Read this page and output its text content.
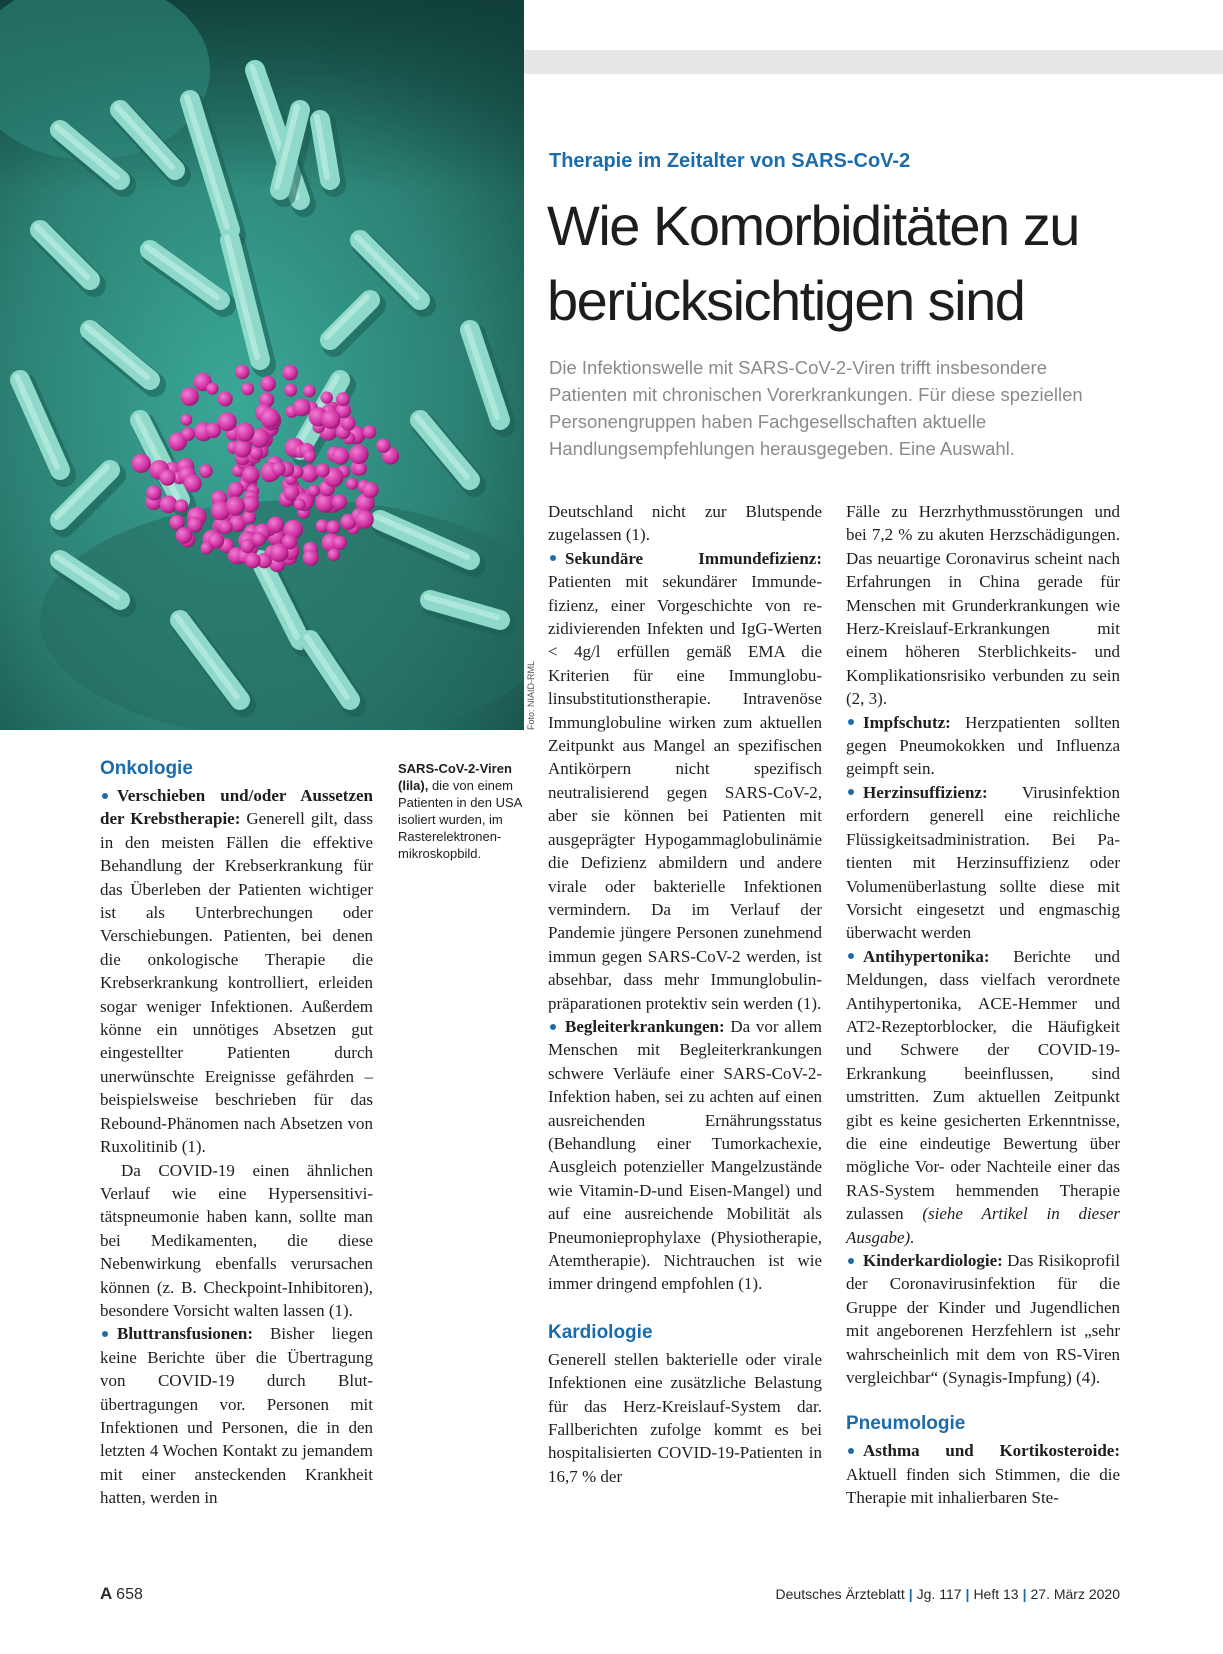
Foto: NIAID-RML
Therapie im Zeitalter von SARS-CoV-2
Wie Komorbiditäten zu berücksichtigen sind
Die Infektionswelle mit SARS-CoV-2-Viren trifft insbesondere Patienten mit chronischen Vorerkrankungen. Für diese speziellen Personengruppen haben Fachgesellschaften aktuelle Handlungsempfehlungen herausgegeben. Eine Auswahl.
SARS-CoV-2-Viren (lila), die von einem Patienten in den USA isoliert wurden, im Rasterelektronenmikroskopbild.
Onkologie

Verschieben und/oder Aussetzen der Krebstherapie: Generell gilt, dass in den meisten Fällen die effektive Behandlung der Krebserkrankung für das Überleben der Patienten wichtiger ist als Unterbrechungen oder Verschiebungen. Patienten, bei denen die onkologische Therapie die Krebserkrankung kontrolliert, erleiden sogar weniger Infektionen. Außerdem könne ein unnötiges Absetzen gut eingestellter Patienten durch unerwünschte Ereignisse gefährden – beispielsweise beschrieben für das Rebound-Phänomen nach Absetzen von Ruxolitinib (1).

Da COVID-19 einen ähnlichen Verlauf wie eine Hypersensitivitätspneumonie haben kann, sollte man bei Medikamenten, die diese Nebenwirkung ebenfalls verursachen können (z. B. Checkpoint-Inhibitoren), besondere Vorsicht walten lassen (1).

Bluttransfusionen: Bisher liegen keine Berichte über die Übertragung von COVID-19 durch Blutübertragungen vor. Personen mit Infektionen und Personen, die in den letzten 4 Wochen Kontakt zu jemandem mit einer ansteckenden Krankheit hatten, werden in

Deutschland nicht zur Blutspende zugelassen (1).

Sekundäre Immundefizienz: Patienten mit sekundärer Immundefizienz, einer Vorgeschichte von rezidivierenden Infekten und IgG-Werten < 4g/l erfüllen gemäß EMA die Kriterien für eine Immunglobulinsubstitutionstherapie. Intravenöse Immunglobuline wirken zum aktuellen Zeitpunkt aus Mangel an spezifischen Antikörpern nicht spezifisch neutralisierend gegen SARS-CoV-2, aber sie können bei Patienten mit ausgeprägter Hypogammaglobulinämie die Defizienz abmildern und andere virale oder bakterielle Infektionen vermindern. Da im Verlauf der Pandemie jüngere Personen zunehmend immun gegen SARS-CoV-2 werden, ist absehbar, dass mehr Immunglobulinpräparationen protektiv sein werden (1).

Begleiterkrankungen: Da vor allem Menschen mit Begleiterkrankungen schwere Verläufe einer SARS-CoV-2-Infektion haben, sei zu achten auf einen ausreichenden Ernährungsstatus (Behandlung einer Tumorkachexie, Ausgleich potenzieller Mangelzustände wie Vitamin-D-und Eisen-Mangel) und auf eine ausreichende Mobilität als Pneumonieprophylaxe (Physiotherapie, Atemtherapie). Nichtrauchen ist wie immer dringend empfohlen (1).

Kardiologie

Generell stellen bakterielle oder virale Infektionen eine zusätzliche Belastung für das Herz-Kreislauf-System dar. Fallberichten zufolge kommt es bei hospitalisierten COVID-19-Patienten in 16,7 % der

Fälle zu Herzrhythmusstörungen und bei 7,2 % zu akuten Herzschädigungen. Das neuartige Coronavirus scheint nach Erfahrungen in China gerade für Menschen mit Grunderkrankungen wie Herz-Kreislauf-Erkrankungen mit einem höheren Sterblichkeits- und Komplikationsrisiko verbunden zu sein (2, 3).

Impfschutz: Herzpatienten sollten gegen Pneumokokken und Influenza geimpft sein.

Herzinsuffizienz: Virusinfektion erfordern generell eine reichliche Flüssigkeitsadministration. Bei Patienten mit Herzinsuffizienz oder Volumenüberlastung sollte diese mit Vorsicht eingesetzt und engmaschig überwacht werden

Antihypertonika: Berichte und Meldungen, dass vielfach verordnete Antihypertonika, ACE-Hemmer und AT2-Rezeptorblocker, die Häufigkeit und Schwere der COVID-19-Erkrankung beeinflussen, sind umstritten. Zum aktuellen Zeitpunkt gibt es keine gesicherten Erkenntnisse, die eine eindeutige Bewertung über mögliche Vor- oder Nachteile einer das RAS-System hemmenden Therapie zulassen (siehe Artikel in dieser Ausgabe).

Kinderkardiologie: Das Risikoprofil der Coronavirusinfektion für die Gruppe der Kinder und Jugendlichen mit angeborenen Herzfehlern ist „sehr wahrscheinlich mit dem von RS-Viren vergleichbar“ (Synagis-Impfung) (4).

Pneumologie

Asthma und Kortikosteroide: Aktuell finden sich Stimmen, die die Therapie mit inhalierbaren Ste-

A 658	Deutsches Ärzteblatt | Jg. 117 | Heft 13 | 27. März 2020
